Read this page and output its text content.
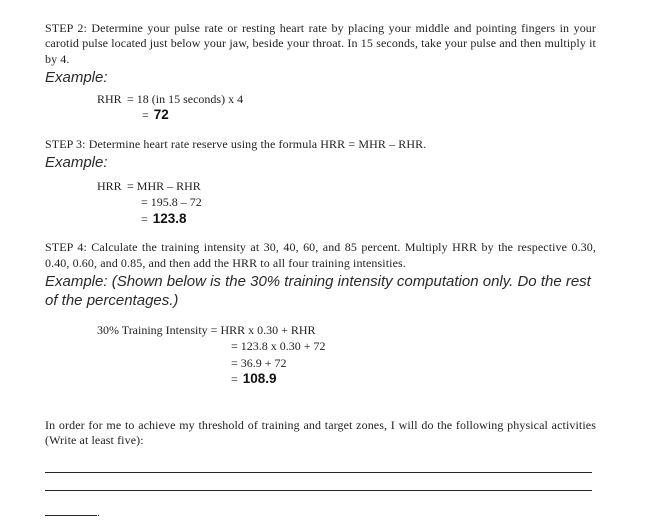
STEP 2: Determine your pulse rate or resting heart rate by placing your middle and pointing fingers in your carotid pulse located just below your jaw, beside your throat. In 15 seconds, take your pulse and then multiply it by 4.

Example:
RHR = 18 (in 15 seconds) x 4
= 72

STEP 3: Determine heart rate reserve using the formula HRR = MHR – RHR.

Example:
HRR = MHR – RHR
= 195.8 – 72
= 123.8

STEP 4: Calculate the training intensity at 30, 40, 60, and 85 percent. Multiply HRR by the respective 0.30, 0.40, 0.60, and 0.85, and then add the HRR to all four training intensities.

Example: (Shown below is the 30% training intensity computation only. Do the rest of the percentages.)
30% Training Intensity = HRR x 0.30 + RHR
= 123.8 x 0.30 + 72
= 36.9 + 72
= 108.9

In order for me to achieve my threshold of training and target zones, I will do the following physical activities (Write at least five):

.
